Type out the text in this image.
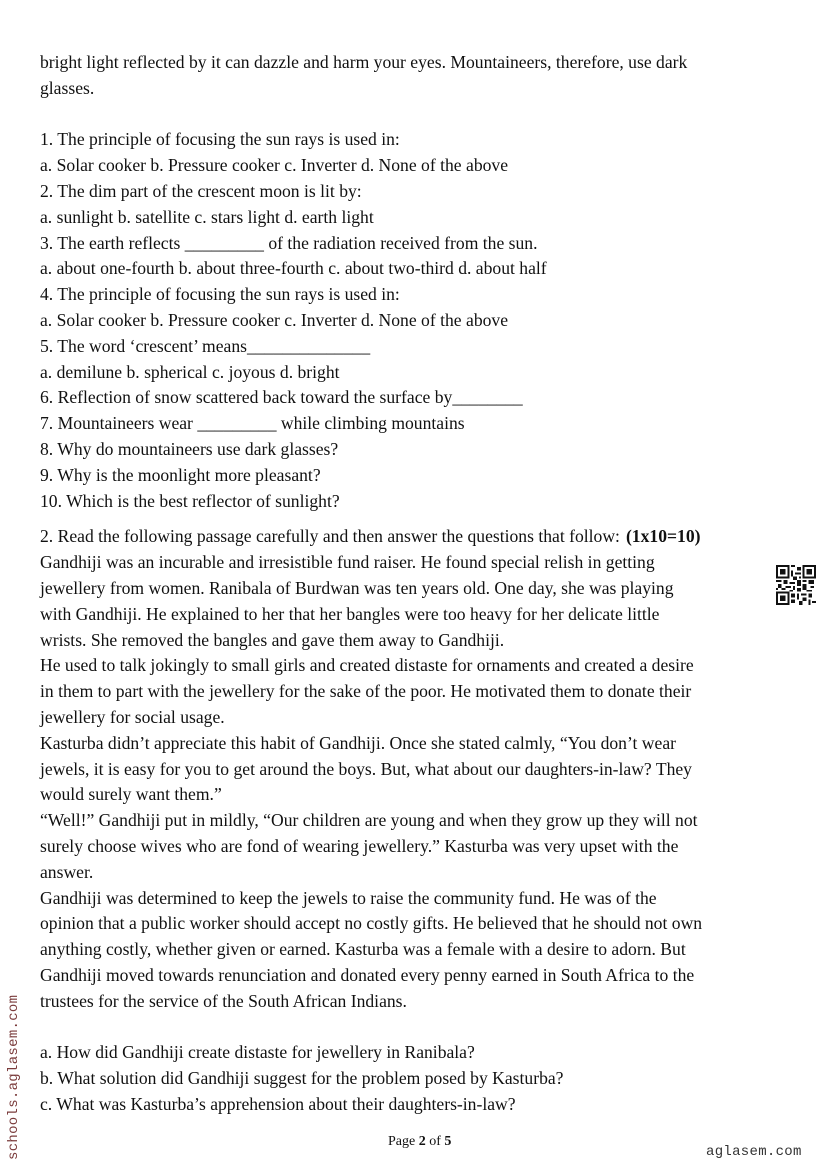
bright light reflected by it can dazzle and harm your eyes. Mountaineers, therefore, use dark

glasses.

1. The principle of focusing the sun rays is used in:

a. Solar cooker b. Pressure cooker c. Inverter d. None of the above

2. The dim part of the crescent moon is lit by:

a. sunlight b. satellite c. stars light d. earth light

3. The earth reflects _________ of the radiation received from the sun.

a. about one-fourth b. about three-fourth c. about two-third d. about half

4. The principle of focusing the sun rays is used in:

a. Solar cooker b. Pressure cooker c. Inverter d. None of the above

5. The word ‘crescent’ means______________

a. demilune b. spherical c. joyous d. bright

6. Reflection of snow scattered back toward the surface by________

7. Mountaineers wear _________ while climbing mountains

8. Why do mountaineers use dark glasses?

9. Why is the moonlight more pleasant?

10. Which is the best reflector of sunlight?

2. Read the following passage carefully and then answer the questions that follow: (1x10=10)

Gandhiji was an incurable and irresistible fund raiser. He found special relish in getting

jewellery from women. Ranibala of Burdwan was ten years old. One day, she was playing

with Gandhiji. He explained to her that her bangles were too heavy for her delicate little

wrists. She removed the bangles and gave them away to Gandhiji.

He used to talk jokingly to small girls and created distaste for ornaments and created a desire

in them to part with the jewellery for the sake of the poor. He motivated them to donate their

jewellery for social usage.

Kasturba didn’t appreciate this habit of Gandhiji. Once she stated calmly, “You don’t wear

jewels, it is easy for you to get around the boys. But, what about our daughters-in-law? They

would surely want them.”

“Well!” Gandhiji put in mildly, “Our children are young and when they grow up they will not

surely choose wives who are fond of wearing jewellery.” Kasturba was very upset with the

answer.

Gandhiji was determined to keep the jewels to raise the community fund. He was of the

opinion that a public worker should accept no costly gifts. He believed that he should not own

anything costly, whether given or earned. Kasturba was a female with a desire to adorn. But

Gandhiji moved towards renunciation and donated every penny earned in South Africa to the

trustees for the service of the South African Indians.

a. How did Gandhiji create distaste for jewellery in Ranibala?

b. What solution did Gandhiji suggest for the problem posed by Kasturba?

c. What was Kasturba’s apprehension about their daughters-in-law?

schools.aglasem.com	Page 2 of 5
aglasem.com
